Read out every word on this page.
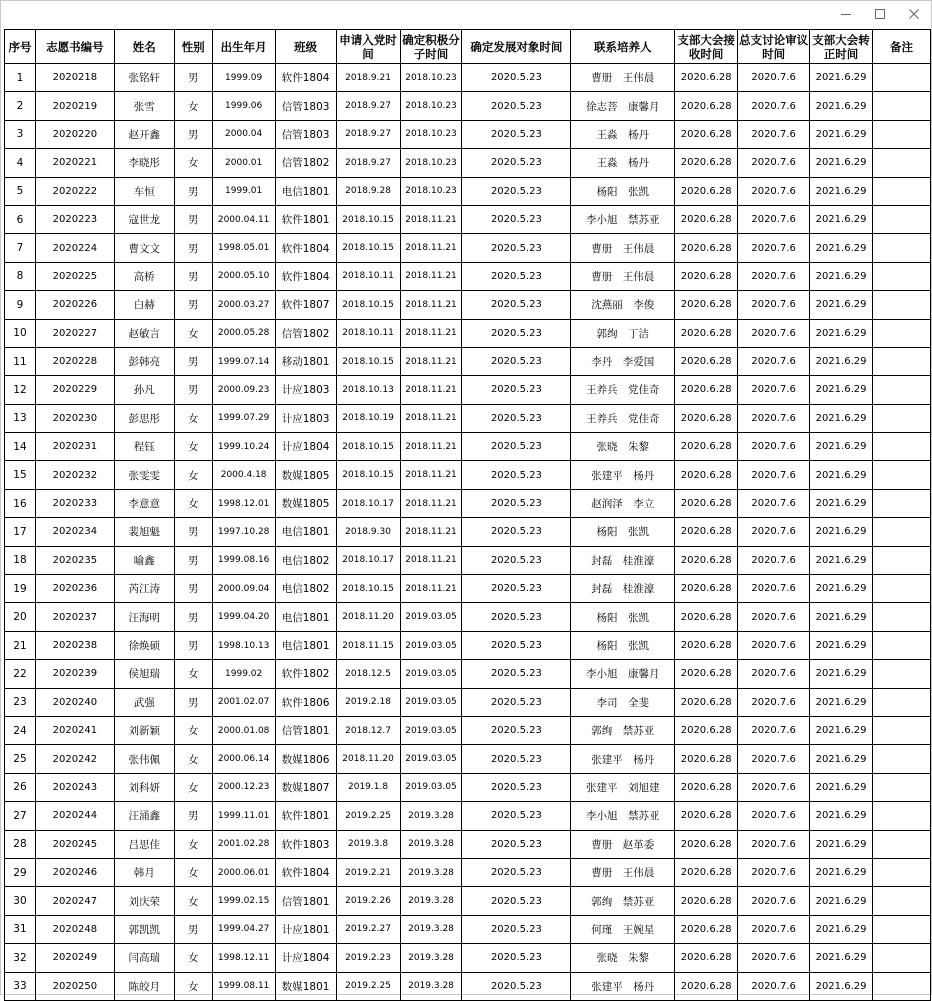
序号	志愿书编号	姓名	性别	出生年月	班级	申请入党时间	确定积极分子时间	确定发展对象时间	联系培养人	支部大会接收时间	总支讨论审议时间	支部大会转正时间	备注
1	2020218	张铭轩	男	1999.09	软件1804	2018.9.21	2018.10.23	2020.5.23	曹册　王伟晨	2020.6.28	2020.7.6	2021.6.29	
2	2020219	张雪	女	1999.06	信管1803	2018.9.27	2018.10.23	2020.5.23	徐志菩　康馨月	2020.6.28	2020.7.6	2021.6.29	
3	2020220	赵开鑫	男	2000.04	信管1803	2018.9.27	2018.10.23	2020.5.23	王淼　杨丹	2020.6.28	2020.7.6	2021.6.29	
4	2020221	李晓彤	女	2000.01	信管1802	2018.9.27	2018.10.23	2020.5.23	王淼　杨丹	2020.6.28	2020.7.6	2021.6.29	
5	2020222	车恒	男	1999.01	电信1801	2018.9.28	2018.10.23	2020.5.23	杨阳　张凯	2020.6.28	2020.7.6	2021.6.29	
6	2020223	寇世龙	男	2000.04.11	软件1801	2018.10.15	2018.11.21	2020.5.23	李小旭　禁苏亚	2020.6.28	2020.7.6	2021.6.29	
7	2020224	曹文文	男	1998.05.01	软件1804	2018.10.15	2018.11.21	2020.5.23	曹册　王伟晨	2020.6.28	2020.7.6	2021.6.29	
8	2020225	高桥	男	2000.05.10	软件1804	2018.10.11	2018.11.21	2020.5.23	曹册　王伟晨	2020.6.28	2020.7.6	2021.6.29	
9	2020226	白赫	男	2000.03.27	软件1807	2018.10.15	2018.11.21	2020.5.23	沈燕丽　李俊	2020.6.28	2020.7.6	2021.6.29	
10	2020227	赵敏言	女	2000.05.28	信管1802	2018.10.11	2018.11.21	2020.5.23	郭绚　丁洁	2020.6.28	2020.7.6	2021.6.29	
11	2020228	彭韩亮	男	1999.07.14	移动1801	2018.10.15	2018.11.21	2020.5.23	李丹　李爱国	2020.6.28	2020.7.6	2021.6.29	
12	2020229	孙凡	男	2000.09.23	计应1803	2018.10.13	2018.11.21	2020.5.23	王养兵　党佳奇	2020.6.28	2020.7.6	2021.6.29	
13	2020230	彭思彤	女	1999.07.29	计应1803	2018.10.19	2018.11.21	2020.5.23	王养兵　党佳奇	2020.6.28	2020.7.6	2021.6.29	
14	2020231	程钰	女	1999.10.24	计应1804	2018.10.15	2018.11.21	2020.5.23	张晓　朱黎	2020.6.28	2020.7.6	2021.6.29	
15	2020232	张雯雯	女	2000.4.18	数媒1805	2018.10.15	2018.11.21	2020.5.23	张建平　杨丹	2020.6.28	2020.7.6	2021.6.29	
16	2020233	李意意	女	1998.12.01	数媒1805	2018.10.17	2018.11.21	2020.5.23	赵润泽　李立	2020.6.28	2020.7.6	2021.6.29	
17	2020234	裴旭魁	男	1997.10.28	电信1801	2018.9.30	2018.11.21	2020.5.23	杨阳　张凯	2020.6.28	2020.7.6	2021.6.29	
18	2020235	喻鑫	男	1999.08.16	电信1802	2018.10.17	2018.11.21	2020.5.23	封磊　桂淮濠	2020.6.28	2020.7.6	2021.6.29	
19	2020236	芮江涛	男	2000.09.04	电信1802	2018.10.15	2018.11.21	2020.5.23	封磊　桂淮濠	2020.6.28	2020.7.6	2021.6.29	
20	2020237	汪海明	男	1999.04.20	电信1801	2018.11.20	2019.03.05	2020.5.23	杨阳　张凯	2020.6.28	2020.7.6	2021.6.29	
21	2020238	徐焕硕	男	1998.10.13	电信1801	2018.11.15	2019.03.05	2020.5.23	杨阳　张凯	2020.6.28	2020.7.6	2021.6.29	
22	2020239	侯旭瑞	女	1999.02	软件1802	2018.12.5	2019.03.05	2020.5.23	李小旭　康馨月	2020.6.28	2020.7.6	2021.6.29	
23	2020240	武强	男	2001.02.07	软件1806	2019.2.18	2019.03.05	2020.5.23	李司　全斐	2020.6.28	2020.7.6	2021.6.29	
24	2020241	刘新颖	女	2000.01.08	信管1801	2018.12.7	2019.03.05	2020.5.23	郭绚　禁苏亚	2020.6.28	2020.7.6	2021.6.29	
25	2020242	张伟佩	女	2000.06.14	数媒1806	2018.11.20	2019.03.05	2020.5.23	张建平　杨丹	2020.6.28	2020.7.6	2021.6.29	
26	2020243	刘科妍	女	2000.12.23	数媒1807	2019.1.8	2019.03.05	2020.5.23	张建平　刘旭建	2020.6.28	2020.7.6	2021.6.29	
27	2020244	汪涌鑫	男	1999.11.01	软件1801	2019.2.25	2019.3.28	2020.5.23	李小旭　禁苏亚	2020.6.28	2020.7.6	2021.6.29	
28	2020245	吕思佳	女	2001.02.28	软件1803	2019.3.8	2019.3.28	2020.5.23	曹册　赵革委	2020.6.28	2020.7.6	2021.6.29	
29	2020246	韩月	女	2000.06.01	软件1804	2019.2.21	2019.3.28	2020.5.23	曹册　王伟晨	2020.6.28	2020.7.6	2021.6.29	
30	2020247	刘庆荣	女	1999.02.15	信管1801	2019.2.26	2019.3.28	2020.5.23	郭绚　禁苏亚	2020.6.28	2020.7.6	2021.6.29	
31	2020248	郭凯凯	男	1999.04.27	计应1801	2019.2.27	2019.3.28	2020.5.23	何瑾　王婉星	2020.6.28	2020.7.6	2021.6.29	
32	2020249	闫高瑞	女	1998.12.11	计应1804	2019.2.23	2019.3.28	2020.5.23	张晓　朱黎	2020.6.28	2020.7.6	2021.6.29	
33	2020250	陈皎月	女	1999.08.11	数媒1801	2019.2.25	2019.3.28	2020.5.23	张建平　杨丹	2020.6.28	2020.7.6	2021.6.29	
